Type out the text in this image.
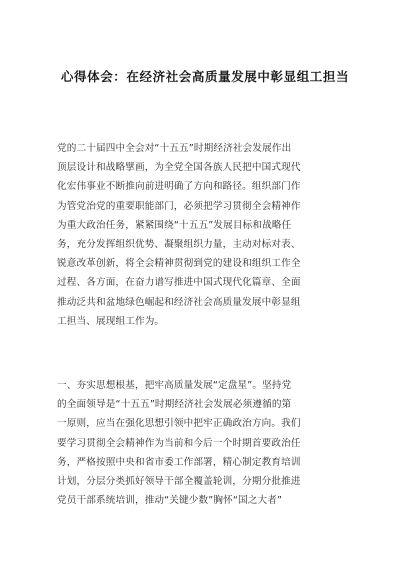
心得体会：在经济社会高质量发展中彰显组工担当

党的二十届四中全会对“十五五”时期经济社会发展作出
顶层设计和战略擘画，为全党全国各族人民把中国式现代
化宏伟事业不断推向前进明确了方向和路径。组织部门作
为管党治党的重要职能部门，必须把学习贯彻全会精神作
为重大政治任务，紧紧围绕“十五五”发展目标和战略任
务，充分发挥组织优势、凝聚组织力量，主动对标对表、
锐意改革创新，将全会精神贯彻到党的建设和组织工作全
过程、各方面，在奋力谱写推进中国式现代化篇章、全面
推动泛共和盆地绿色崛起和经济社会高质量发展中彰显组
工担当、展现组工作为。

一、夯实思想根基，把牢高质量发展“定盘星”。坚持党
的全面领导是“十五五”时期经济社会发展必须遵循的第
一原则，应当在强化思想引领中把牢正确政治方向。我们
要学习贯彻全会精神作为当前和今后一个时期首要政治任
务，严格按照中央和省市委工作部署，精心制定教育培训
计划，分层分类抓好领导干部全覆盖轮训，分期分批推进
党员干部系统培训，推动“关键少数”胸怀“国之大者”
